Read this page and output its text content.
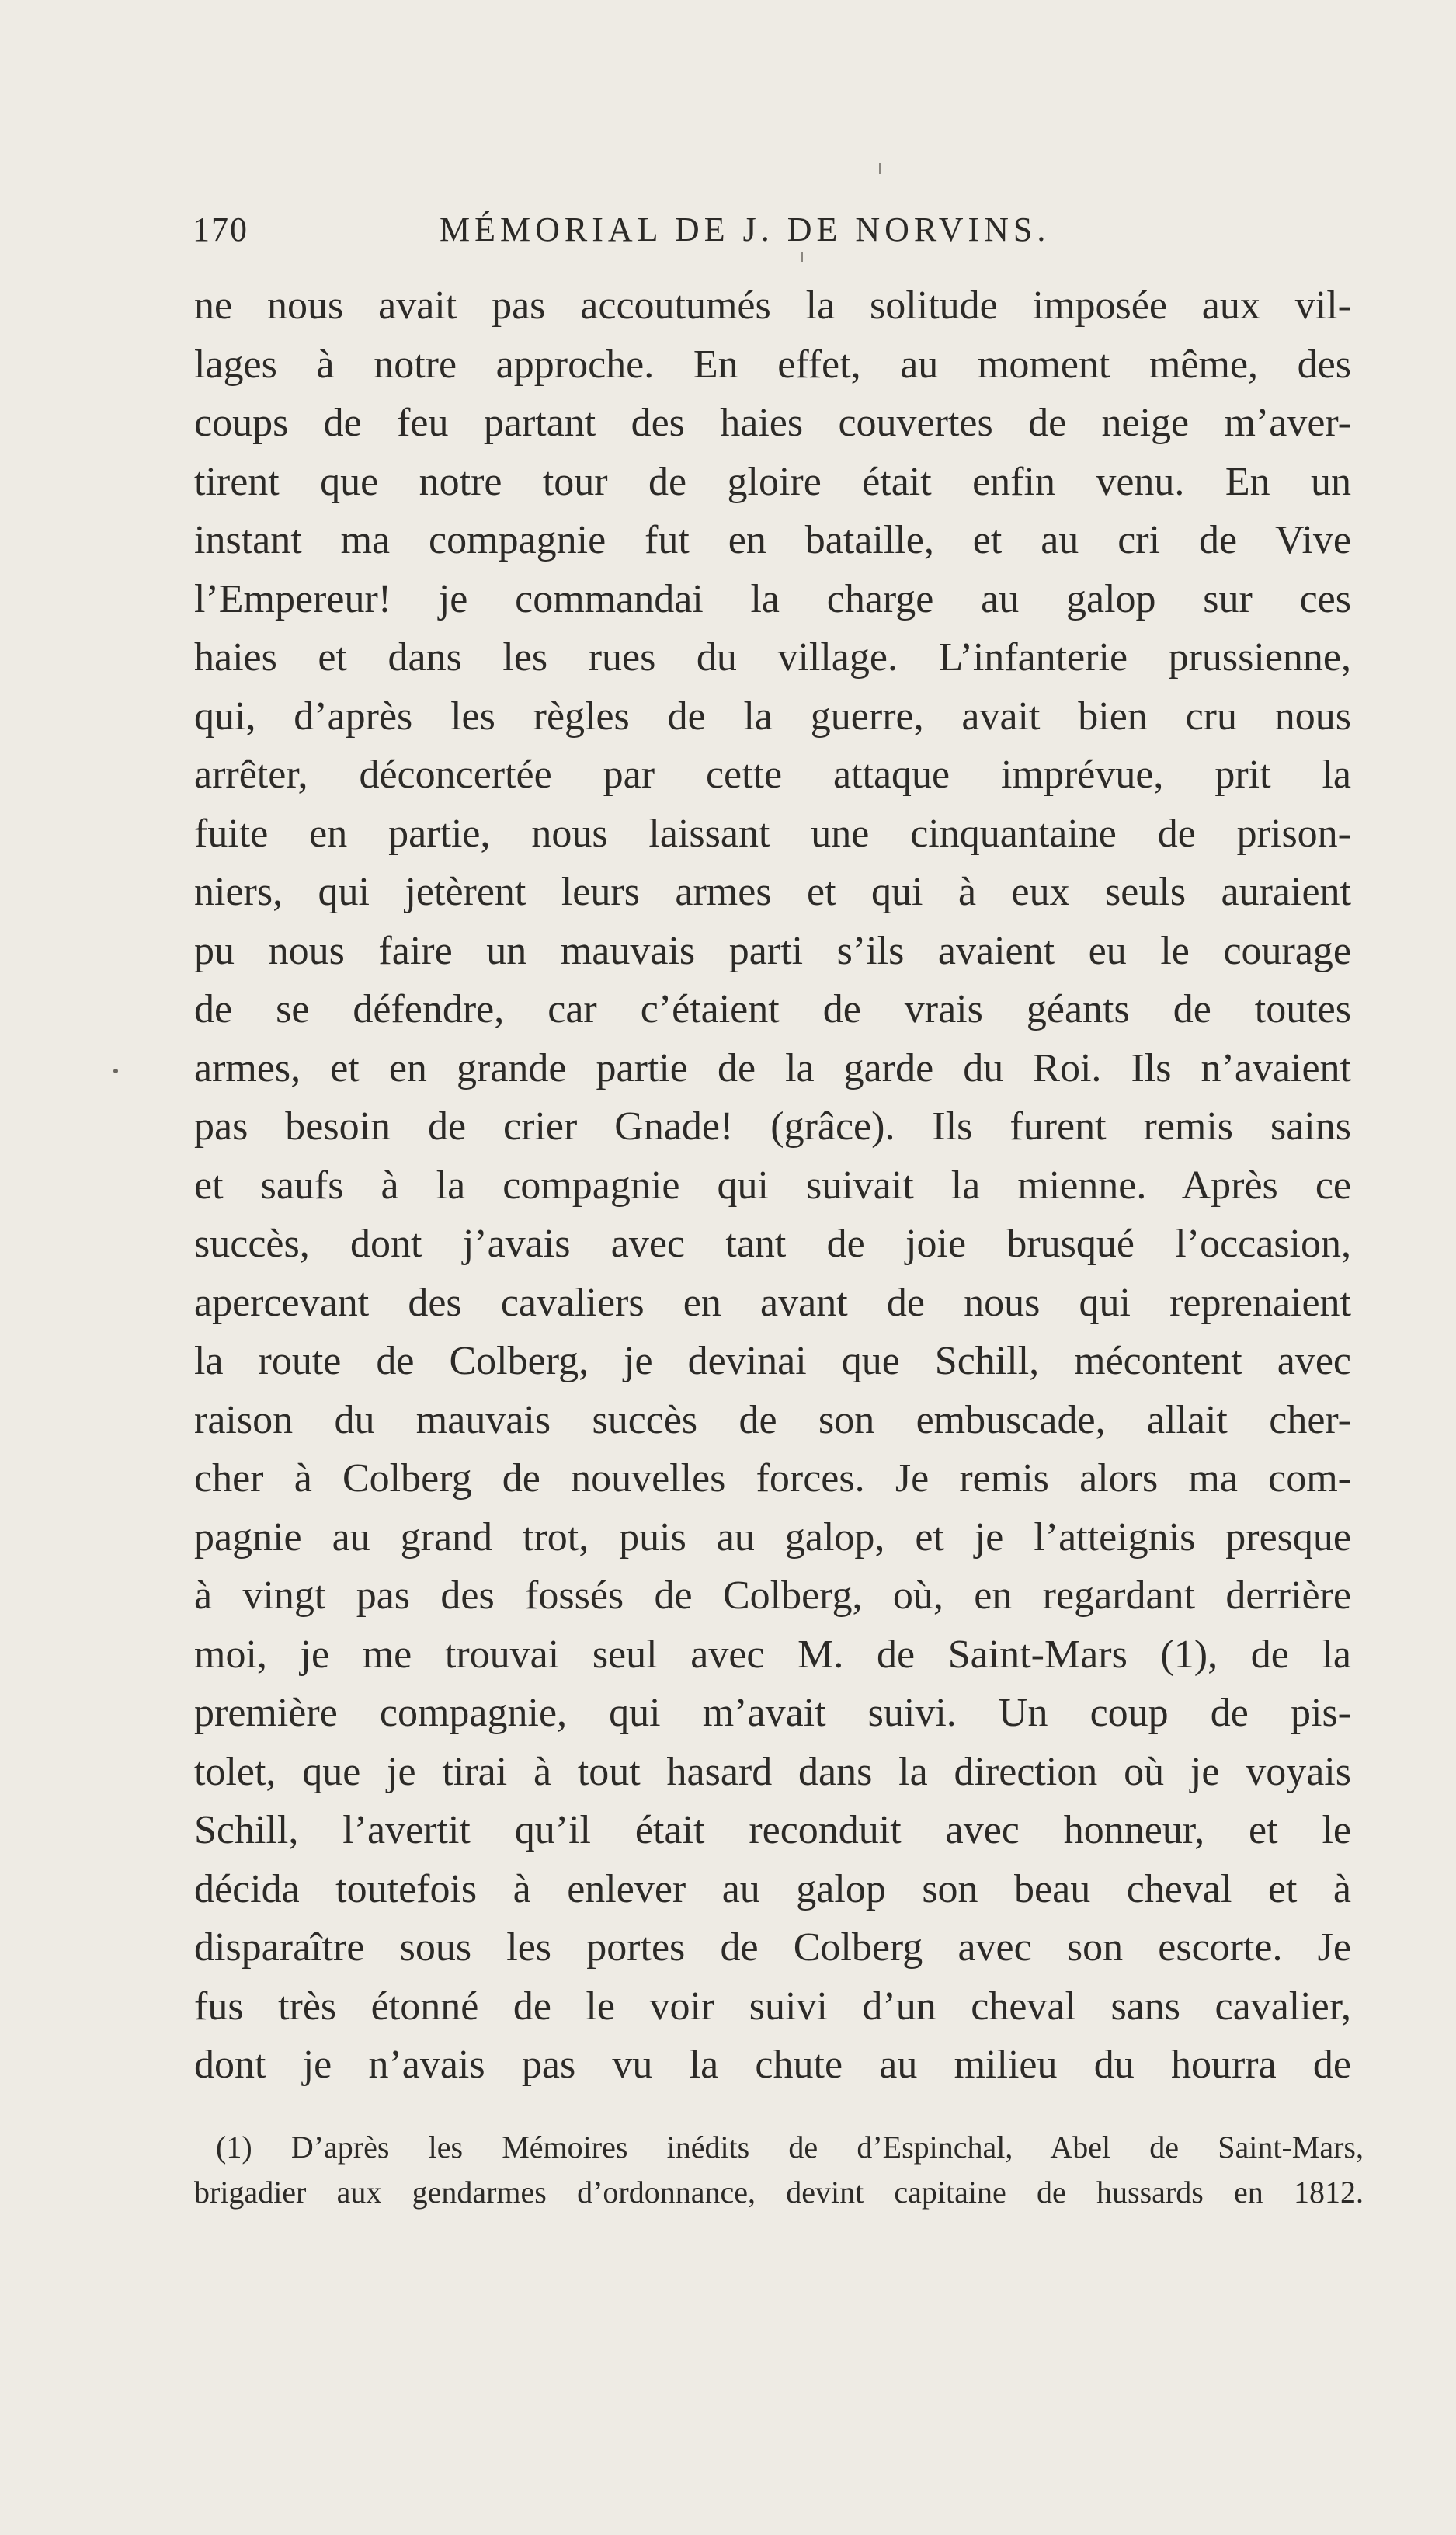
170	MÉMORIAL DE J. DE NORVINS.
ne nous avait pas accoutumés la solitude imposée aux vil-
lages à notre approche. En effet, au moment même, des
coups de feu partant des haies couvertes de neige m’aver-
tirent que notre tour de gloire était enfin venu. En un
instant ma compagnie fut en bataille, et au cri de Vive
l’Empereur! je commandai la charge au galop sur ces
haies et dans les rues du village. L’infanterie prussienne,
qui, d’après les règles de la guerre, avait bien cru nous
arrêter, déconcertée par cette attaque imprévue, prit la
fuite en partie, nous laissant une cinquantaine de prison-
niers, qui jetèrent leurs armes et qui à eux seuls auraient
pu nous faire un mauvais parti s’ils avaient eu le courage
de se défendre, car c’étaient de vrais géants de toutes
armes, et en grande partie de la garde du Roi. Ils n’avaient
pas besoin de crier Gnade! (grâce). Ils furent remis sains
et saufs à la compagnie qui suivait la mienne. Après ce
succès, dont j’avais avec tant de joie brusqué l’occasion,
apercevant des cavaliers en avant de nous qui reprenaient
la route de Colberg, je devinai que Schill, mécontent avec
raison du mauvais succès de son embuscade, allait cher-
cher à Colberg de nouvelles forces. Je remis alors ma com-
pagnie au grand trot, puis au galop, et je l’atteignis presque
à vingt pas des fossés de Colberg, où, en regardant derrière
moi, je me trouvai seul avec M. de Saint-Mars (1), de la
première compagnie, qui m’avait suivi. Un coup de pis-
tolet, que je tirai à tout hasard dans la direction où je voyais
Schill, l’avertit qu’il était reconduit avec honneur, et le
décida toutefois à enlever au galop son beau cheval et à
disparaître sous les portes de Colberg avec son escorte. Je
fus très étonné de le voir suivi d’un cheval sans cavalier,
dont je n’avais pas vu la chute au milieu du hourra de
(1) D’après les Mémoires inédits de d’Espinchal, Abel de Saint-Mars,
brigadier aux gendarmes d’ordonnance, devint capitaine de hussards en 1812.
